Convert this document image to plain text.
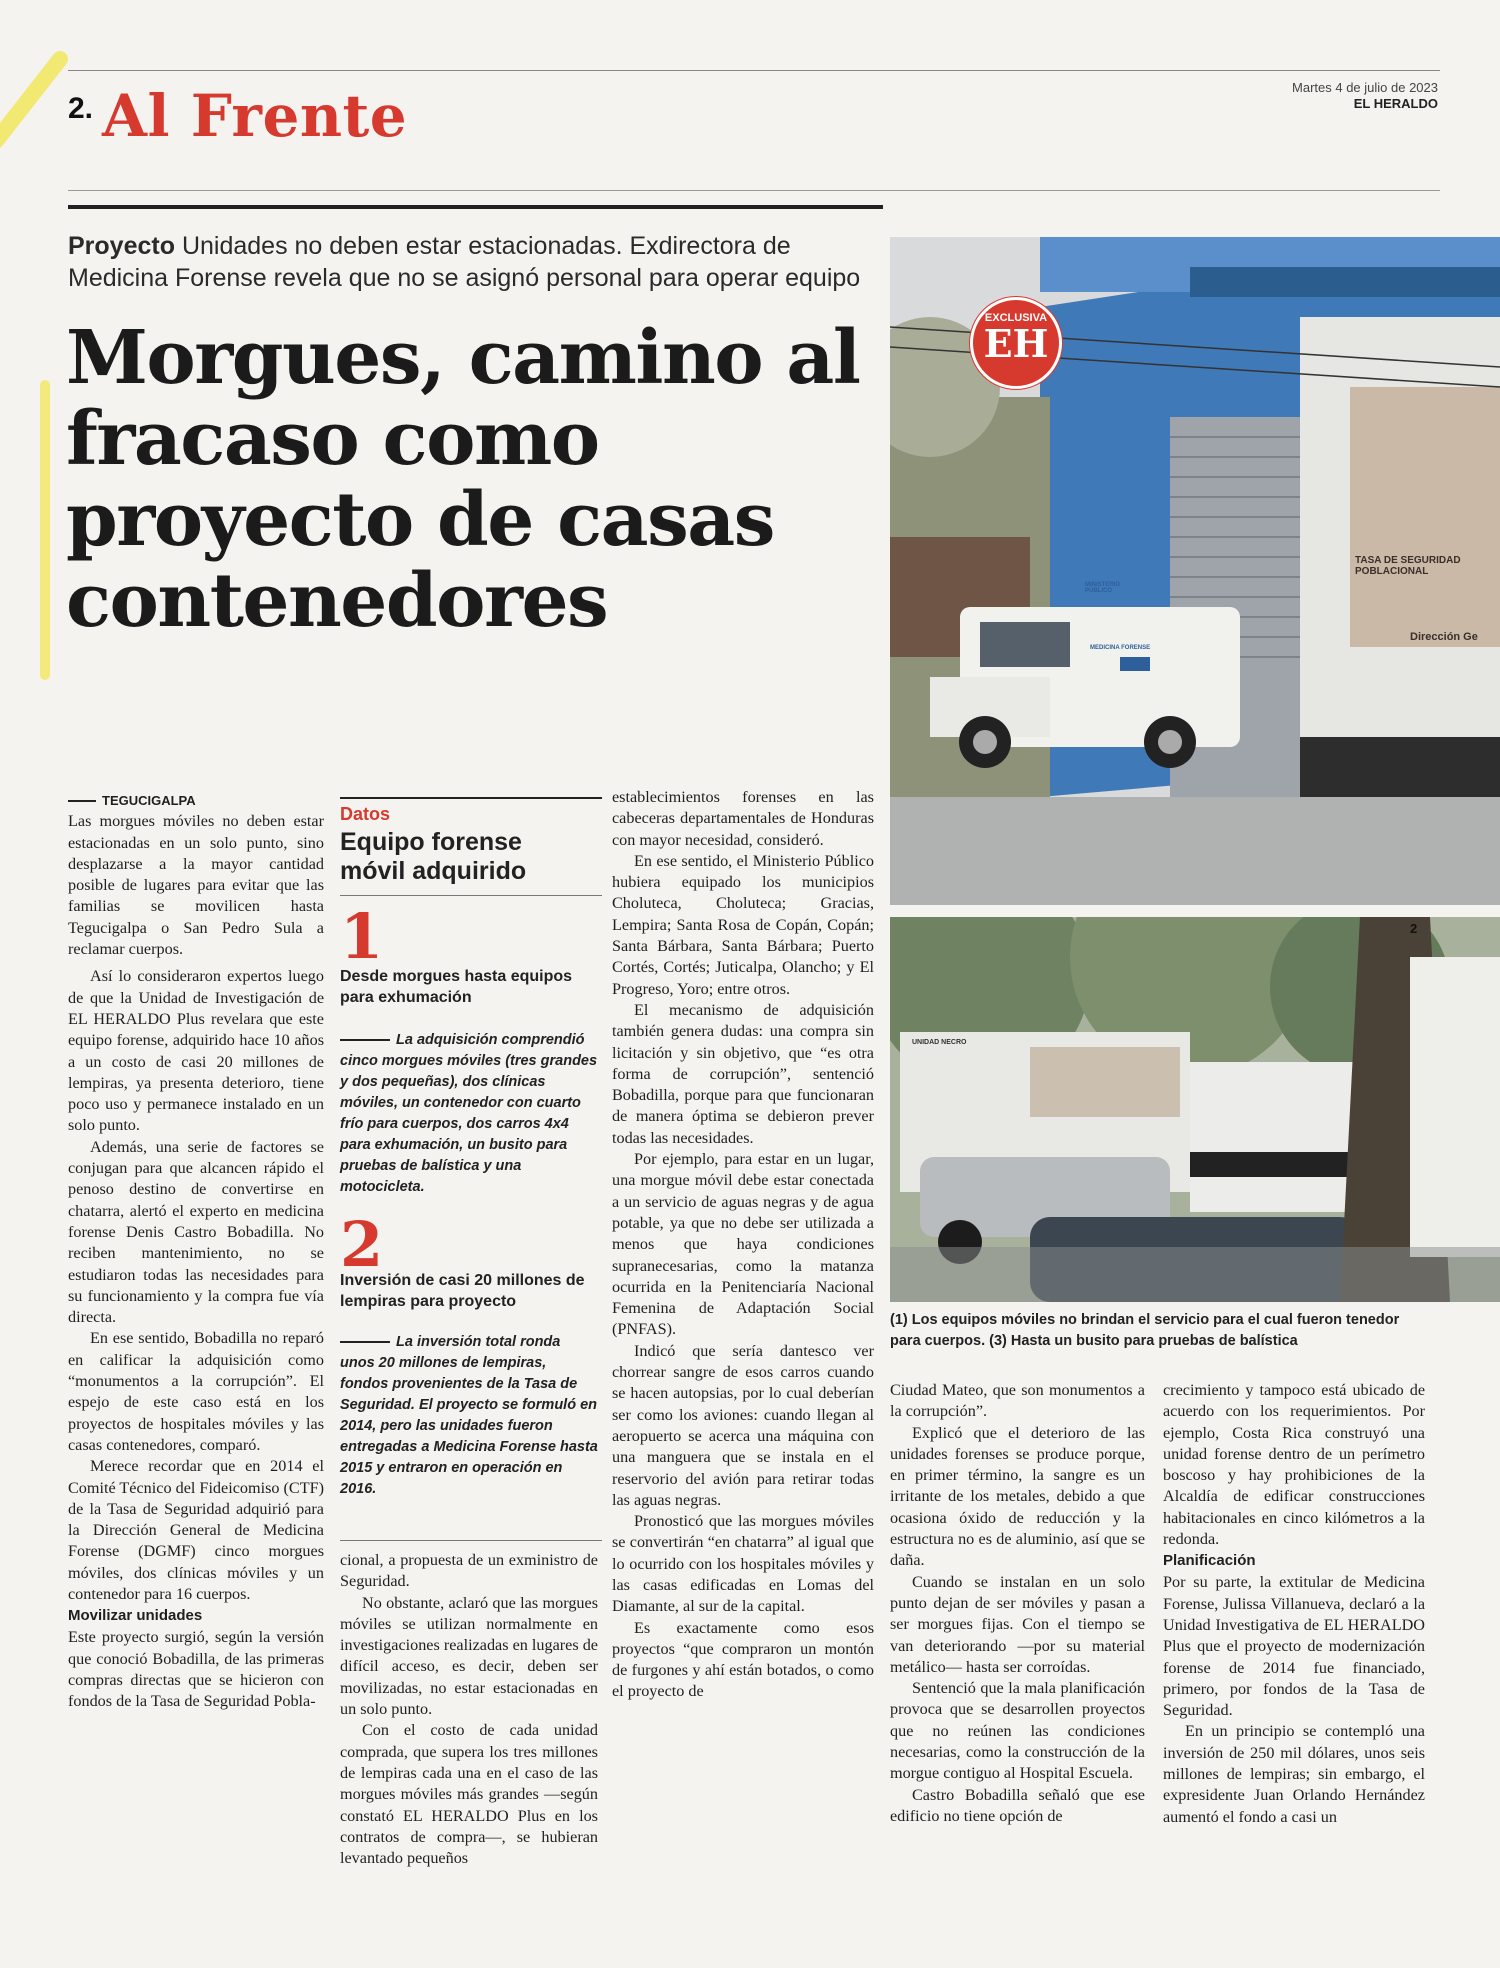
2. Al Frente	Martes 4 de julio de 2023
EL HERALDO
Proyecto Unidades no deben estar estacionadas. Exdirectora de Medicina Forense revela que no se asignó personal para operar equipo
Morgues, camino al fracaso como proyecto de casas contenedores	TASA DE SEGURIDAD POBLACIONAL
Dirección Ge
MINISTERIO PÚBLICO
MEDICINA FORENSE
EXCLUSIVA
EH
2
UNIDAD NECRO
(1) Los equipos móviles no brindan el servicio para el cual fueron tenedor para cuerpos. (3) Hasta un busito para pruebas de balística

TEGUCIGALPA

Las morgues móviles no deben estar estacionadas en un solo punto, sino desplazarse a la mayor cantidad posible de lugares para evitar que las familias se movilicen hasta Tegucigalpa o San Pedro Sula a reclamar cuerpos.

Así lo consideraron expertos luego de que la Unidad de Investigación de EL HERALDO Plus revelara que este equipo forense, adquirido hace 10 años a un costo de casi 20 millones de lempiras, ya presenta deterioro, tiene poco uso y permanece instalado en un solo punto.

Además, una serie de factores se conjugan para que alcancen rápido el penoso destino de convertirse en chatarra, alertó el experto en medicina forense Denis Castro Bobadilla. No reciben mantenimiento, no se estudiaron todas las necesidades para su funcionamiento y la compra fue vía directa.

En ese sentido, Bobadilla no reparó en calificar la adquisición como “monumentos a la corrupción”. El espejo de este caso está en los proyectos de hospitales móviles y las casas contenedores, comparó.

Merece recordar que en 2014 el Comité Técnico del Fideicomiso (CTF) de la Tasa de Seguridad adquirió para la Dirección General de Medicina Forense (DGMF) cinco morgues móviles, dos clínicas móviles y un contenedor para 16 cuerpos.

Movilizar unidades

Este proyecto surgió, según la versión que conoció Bobadilla, de las primeras compras directas que se hicieron con fondos de la Tasa de Seguridad Pobla-

Datos
Equipo forense móvil adquirido
1
Desde morgues hasta equipos para exhumación
La adquisición comprendió cinco morgues móviles (tres grandes y dos pequeñas), dos clínicas móviles, un contenedor con cuarto frío para cuerpos, dos carros 4x4 para exhumación, un busito para pruebas de balística y una motocicleta.
2
Inversión de casi 20 millones de lempiras para proyecto
La inversión total ronda unos 20 millones de lempiras, fondos provenientes de la Tasa de Seguridad. El proyecto se formuló en 2014, pero las unidades fueron entregadas a Medicina Forense hasta 2015 y entraron en operación en 2016.

cional, a propuesta de un exministro de Seguridad.

No obstante, aclaró que las morgues móviles se utilizan normalmente en investigaciones realizadas en lugares de difícil acceso, es decir, deben ser movilizadas, no estar estacionadas en un solo punto.

Con el costo de cada unidad comprada, que supera los tres millones de lempiras cada una en el caso de las morgues móviles más grandes —según constató EL HERALDO Plus en los contratos de compra—, se hubieran levantado pequeños

establecimientos forenses en las cabeceras departamentales de Honduras con mayor necesidad, consideró.

En ese sentido, el Ministerio Público hubiera equipado los municipios Choluteca, Choluteca; Gracias, Lempira; Santa Rosa de Copán, Copán; Santa Bárbara, Santa Bárbara; Puerto Cortés, Cortés; Juticalpa, Olancho; y El Progreso, Yoro; entre otros.

El mecanismo de adquisición también genera dudas: una compra sin licitación y sin objetivo, que “es otra forma de corrupción”, sentenció Bobadilla, porque para que funcionaran de manera óptima se debieron prever todas las necesidades.

Por ejemplo, para estar en un lugar, una morgue móvil debe estar conectada a un servicio de aguas negras y de agua potable, ya que no debe ser utilizada a menos que haya condiciones supranecesarias, como la matanza ocurrida en la Penitenciaría Nacional Femenina de Adaptación Social (PNFAS).

Indicó que sería dantesco ver chorrear sangre de esos carros cuando se hacen autopsias, por lo cual deberían ser como los aviones: cuando llegan al aeropuerto se acerca una máquina con una manguera que se instala en el reservorio del avión para retirar todas las aguas negras.

Pronosticó que las morgues móviles se convertirán “en chatarra” al igual que lo ocurrido con los hospitales móviles y las casas edificadas en Lomas del Diamante, al sur de la capital.

Es exactamente como esos proyectos “que compraron un montón de furgones y ahí están botados, o como el proyecto de

Ciudad Mateo, que son monumentos a la corrupción”.

Explicó que el deterioro de las unidades forenses se produce porque, en primer término, la sangre es un irritante de los metales, debido a que ocasiona óxido de reducción y la estructura no es de aluminio, así que se daña.

Cuando se instalan en un solo punto dejan de ser móviles y pasan a ser morgues fijas. Con el tiempo se van deteriorando —por su material metálico— hasta ser corroídas.

Sentenció que la mala planificación provoca que se desarrollen proyectos que no reúnen las condiciones necesarias, como la construcción de la morgue contiguo al Hospital Escuela.

Castro Bobadilla señaló que ese edificio no tiene opción de

crecimiento y tampoco está ubicado de acuerdo con los requerimientos. Por ejemplo, Costa Rica construyó una unidad forense dentro de un perímetro boscoso y hay prohibiciones de la Alcaldía de edificar construcciones habitacionales en cinco kilómetros a la redonda.

Planificación

Por su parte, la extitular de Medicina Forense, Julissa Villanueva, declaró a la Unidad Investigativa de EL HERALDO Plus que el proyecto de modernización forense de 2014 fue financiado, primero, por fondos de la Tasa de Seguridad.

En un principio se contempló una inversión de 250 mil dólares, unos seis millones de lempiras; sin embargo, el expresidente Juan Orlando Hernández aumentó el fondo a casi un
